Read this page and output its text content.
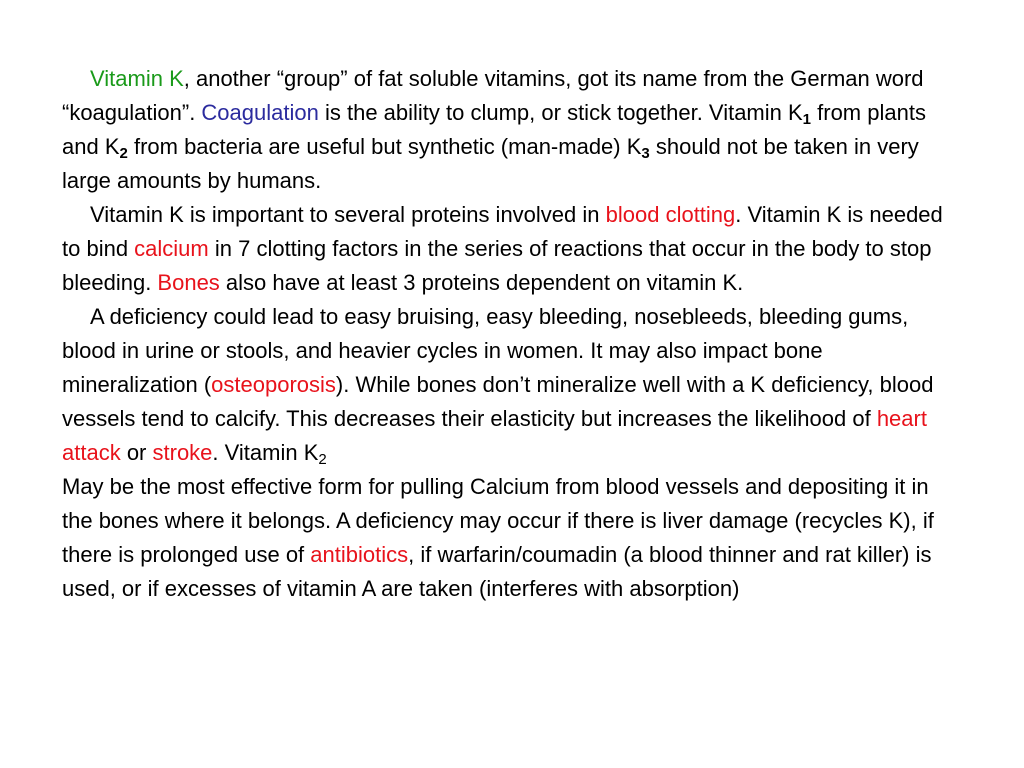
Vitamin K, another “group” of fat soluble vitamins, got its name from the German word “koagulation”. Coagulation is the ability to clump, or stick together. Vitamin $K_1$ from plants and $K_2$ from bacteria are useful but synthetic (man-made) $K_3$ should not be taken in very large amounts by humans.

Vitamin K is important to several proteins involved in blood clotting. Vitamin K is needed to bind calcium in 7 clotting factors in the series of reactions that occur in the body to stop bleeding. Bones also have at least 3 proteins dependent on vitamin K.

A deficiency could lead to easy bruising, easy bleeding, nosebleeds, bleeding gums, blood in urine or stools, and heavier cycles in women. It may also impact bone mineralization (osteoporosis). While bones don’t mineralize well with a K deficiency, blood vessels tend to calcify. This decreases their elasticity but increases the likelihood of heart attack or stroke. Vitamin $K_2$
May be the most effective form for pulling Calcium from blood vessels and depositing it in the bones where it belongs. A deficiency may occur if there is liver damage (recycles K), if there is prolonged use of antibiotics, if warfarin/coumadin (a blood thinner and rat killer) is used, or if excesses of vitamin A are taken (interferes with absorption)
